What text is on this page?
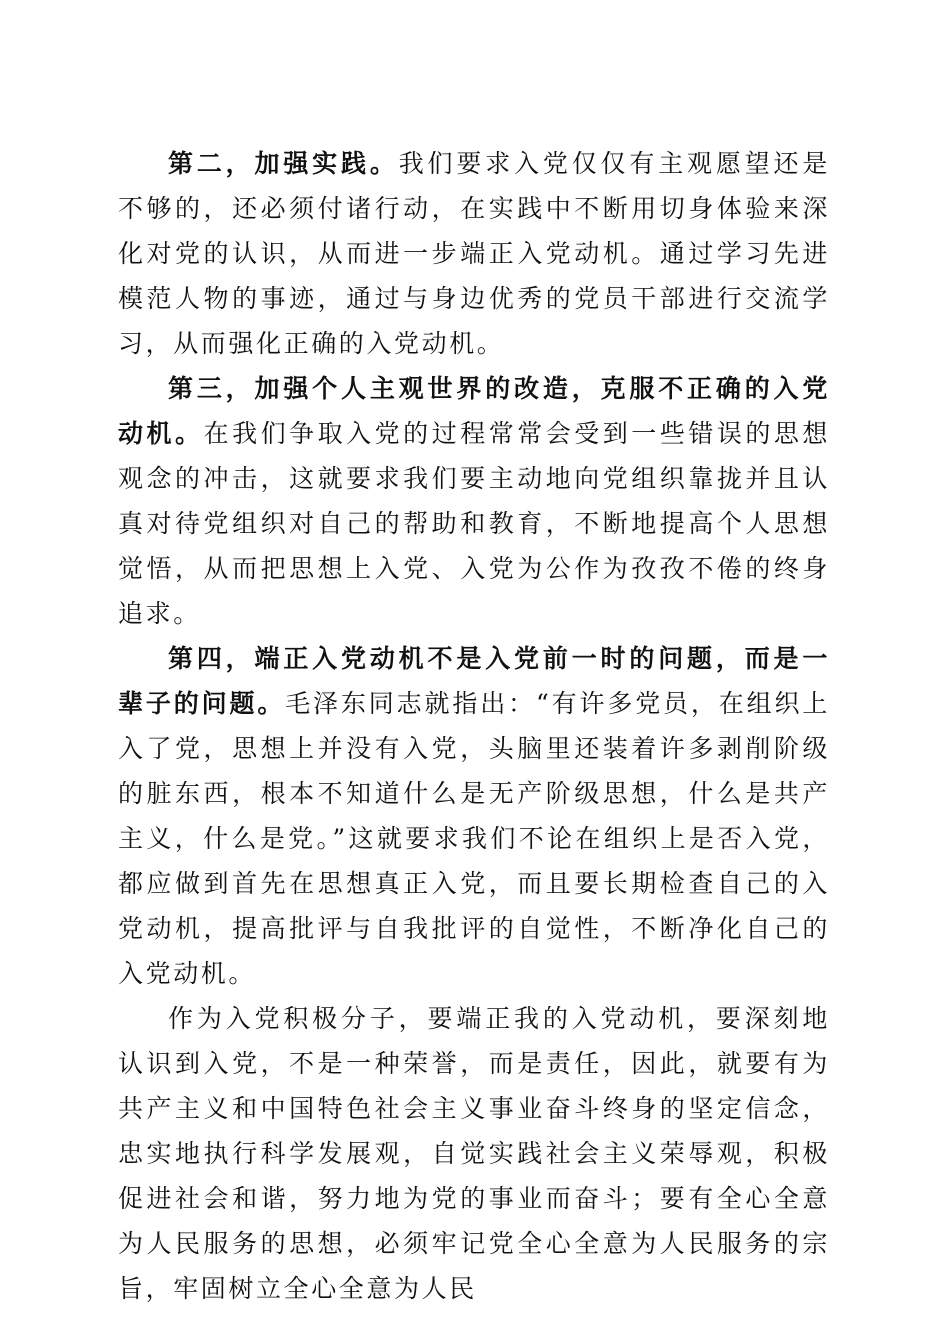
第二，加强实践。我们要求入党仅仅有主观愿望还是不够的，还必须付诸行动，在实践中不断用切身体验来深化对党的认识，从而进一步端正入党动机。通过学习先进模范人物的事迹，通过与身边优秀的党员干部进行交流学习，从而强化正确的入党动机。

第三，加强个人主观世界的改造，克服不正确的入党动机。在我们争取入党的过程常常会受到一些错误的思想观念的冲击，这就要求我们要主动地向党组织靠拢并且认真对待党组织对自己的帮助和教育，不断地提高个人思想觉悟，从而把思想上入党、入党为公作为孜孜不倦的终身追求。

第四，端正入党动机不是入党前一时的问题，而是一辈子的问题。毛泽东同志就指出：“有许多党员，在组织上入了党，思想上并没有入党，头脑里还装着许多剥削阶级的脏东西，根本不知道什么是无产阶级思想，什么是共产主义，什么是党。”这就要求我们不论在组织上是否入党，都应做到首先在思想真正入党，而且要长期检查自己的入党动机，提高批评与自我批评的自觉性，不断净化自己的入党动机。

作为入党积极分子，要端正我的入党动机，要深刻地认识到入党，不是一种荣誉，而是责任，因此，就要有为共产主义和中国特色社会主义事业奋斗终身的坚定信念，忠实地执行科学发展观，自觉实践社会主义荣辱观，积极促进社会和谐，努力地为党的事业而奋斗；要有全心全意为人民服务的思想，必须牢记党全心全意为人民服务的宗旨，牢固树立全心全意为人民
